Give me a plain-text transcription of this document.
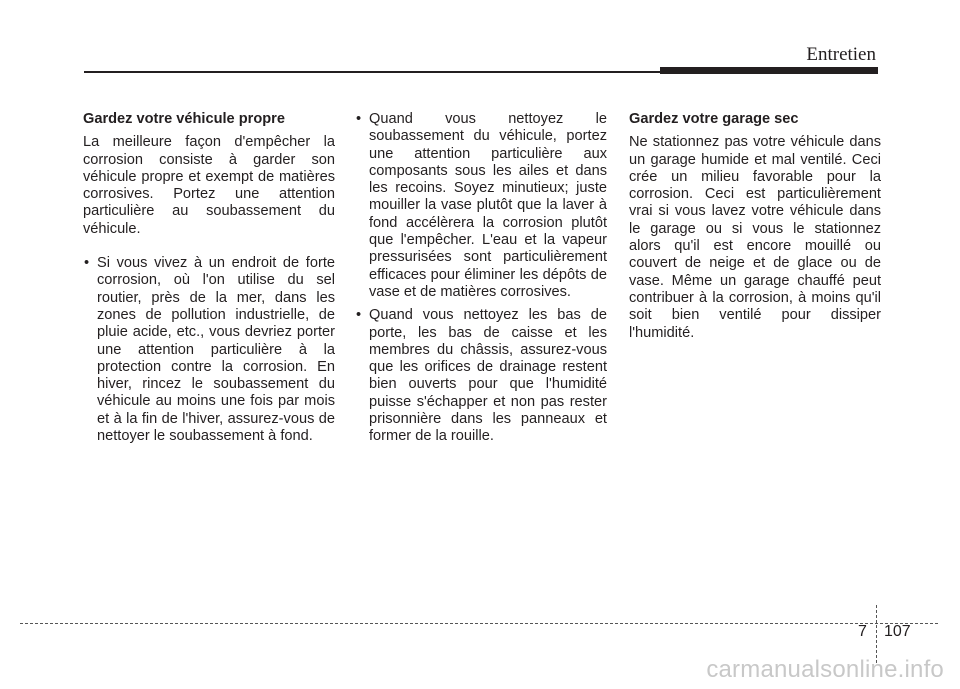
Entretien
Gardez votre véhicule propre
La meilleure façon d'empêcher la corrosion consiste à garder son véhicule propre et exempt de matières corrosives. Portez une attention particulière au soubassement du véhicule.
• Si vous vivez à un endroit de forte corrosion, où l'on utilise du sel routier, près de la mer, dans les zones de pollution industrielle, de pluie acide, etc., vous devriez porter une attention particulière à la protection contre la corrosion. En hiver, rincez le soubassement du véhicule au moins une fois par mois et à la fin de l'hiver, assurez-vous de nettoyer le soubassement à fond.
• Quand vous nettoyez le soubassement du véhicule, portez une attention particulière aux composants sous les ailes et dans les recoins. Soyez minutieux; juste mouiller la vase plutôt que la laver à fond accélèrera la corrosion plutôt que l'empêcher. L'eau et la vapeur pressurisées sont particulièrement efficaces pour éliminer les dépôts de vase et de matières corrosives.
• Quand vous nettoyez les bas de porte, les bas de caisse et les membres du châssis, assurez-vous que les orifices de drainage restent bien ouverts pour que l'humidité puisse s'échapper et non pas rester prisonnière dans les panneaux et former de la rouille.
Gardez votre garage sec
Ne stationnez pas votre véhicule dans un garage humide et mal ventilé. Ceci crée un milieu favorable pour la corrosion. Ceci est particulièrement vrai si vous lavez votre véhicule dans le garage ou si vous le stationnez alors qu'il est encore mouillé ou couvert de neige et de glace ou de vase. Même un garage chauffé peut contribuer à la corrosion, à moins qu'il soit bien ventilé pour dissiper l'humidité.
7 107
carmanualsonline.info
